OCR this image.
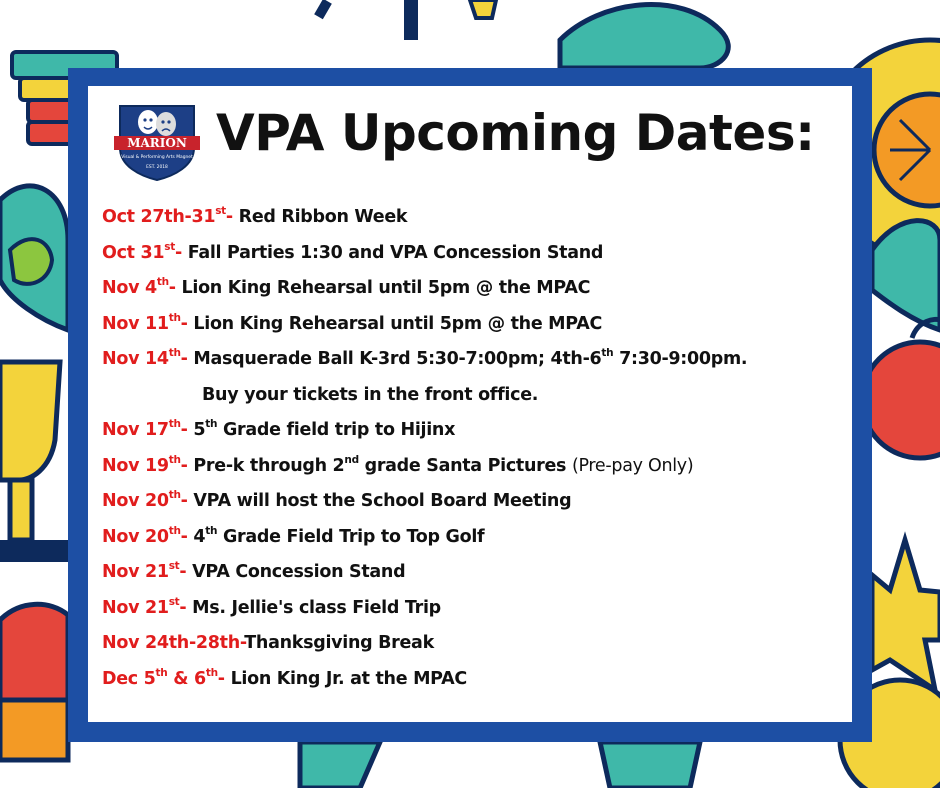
MARION
Visual & Performing Arts Magnet
EST. 2018
VPA Upcoming Dates:
Oct 27th-31st- Red Ribbon Week
Oct 31st- Fall Parties 1:30 and VPA Concession Stand
Nov 4th- Lion King Rehearsal until 5pm @ the MPAC
Nov 11th- Lion King Rehearsal until 5pm @ the MPAC
Nov 14th- Masquerade Ball K-3rd 5:30-7:00pm; 4th-6th 7:30-9:00pm.
Buy your tickets in the front office.
Nov 17th- 5th Grade field trip to Hijinx
Nov 19th- Pre-k through 2nd grade Santa Pictures (Pre-pay Only)
Nov 20th- VPA will host the School Board Meeting
Nov 20th- 4th Grade Field Trip to Top Golf
Nov 21st- VPA Concession Stand
Nov 21st- Ms. Jellie's class Field Trip
Nov 24th-28th-Thanksgiving Break
Dec 5th & 6th- Lion King Jr. at the MPAC
